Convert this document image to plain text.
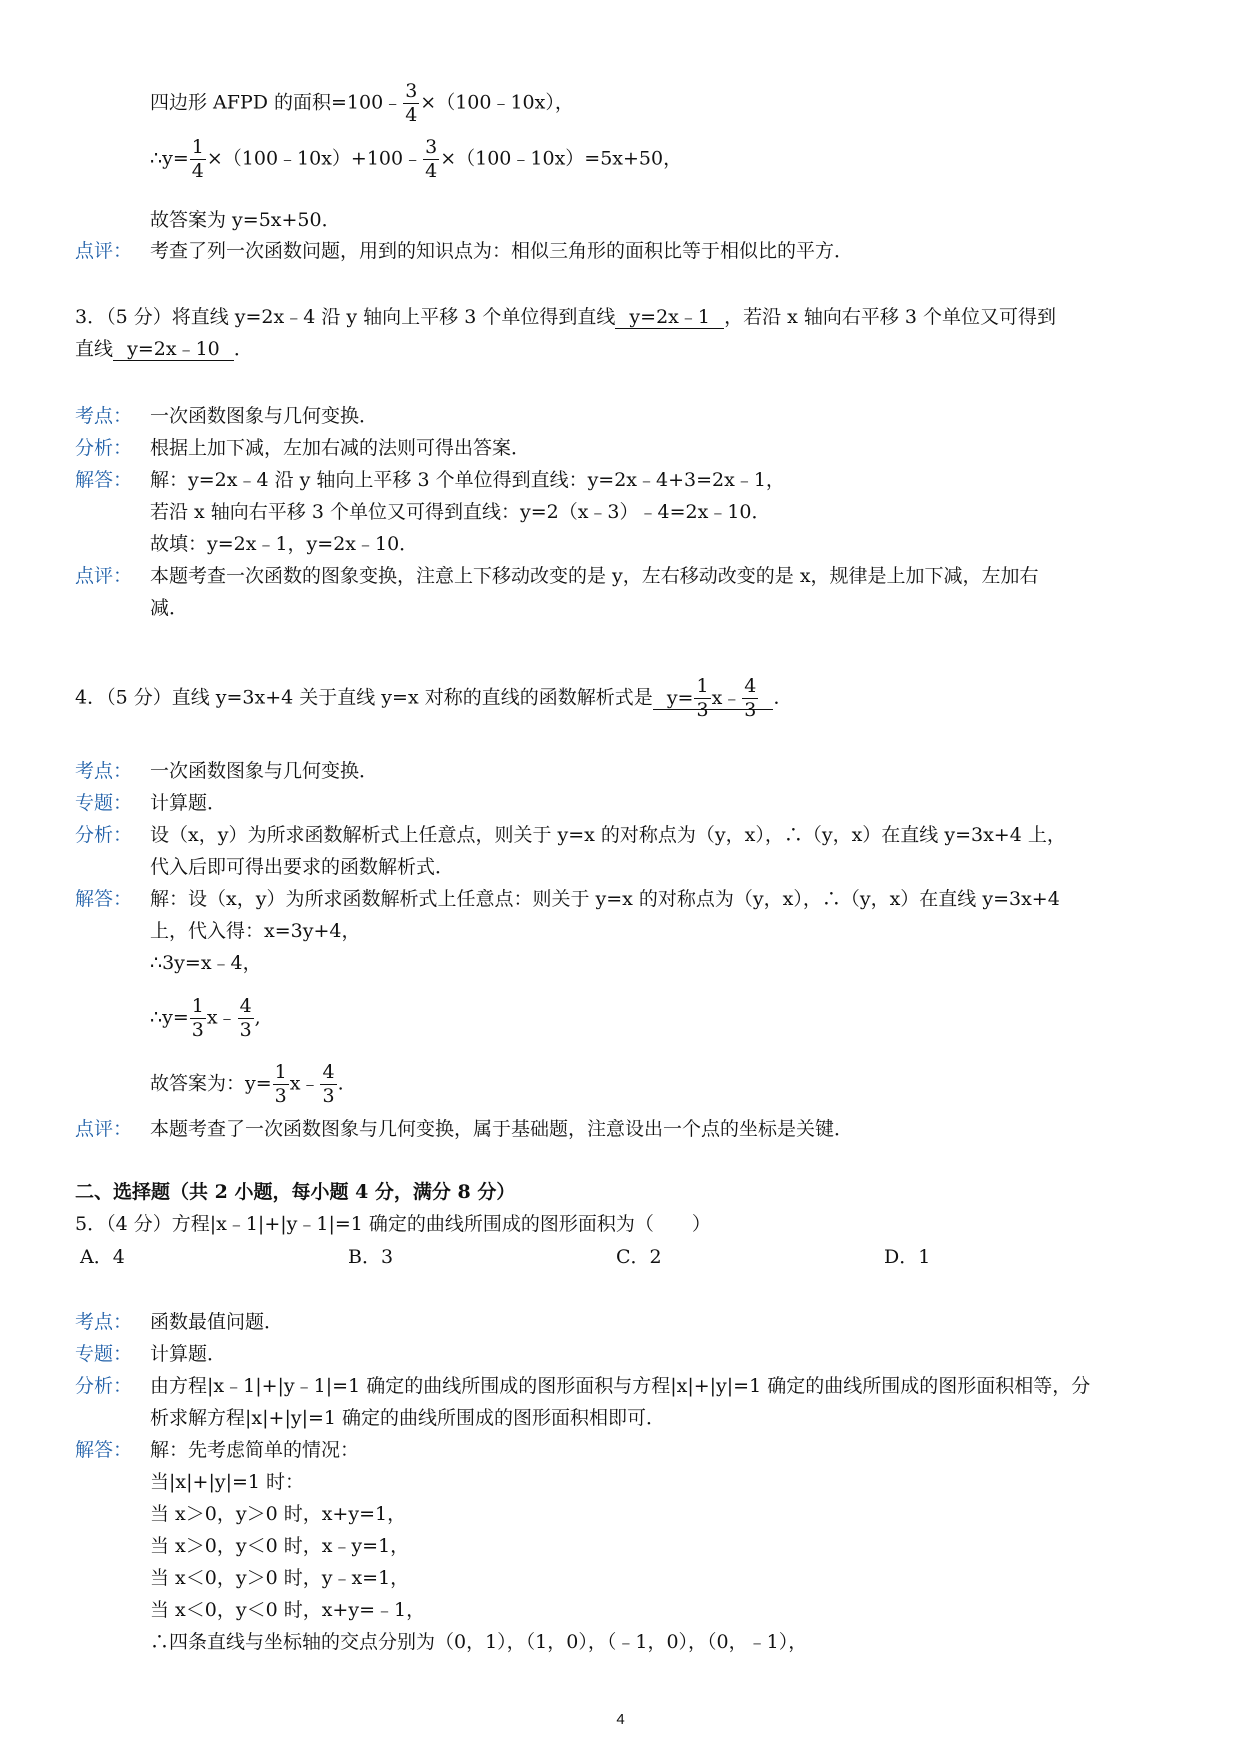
四边形 AFPD 的面积=100﹣ $\frac{3}{4}$ ×（100﹣10x），
∴y= $\frac{1}{4}$ ×（100﹣10x）+100﹣ $\frac{3}{4}$ ×（100﹣10x）=5x+50，
故答案为 y=5x+50．
点评： 考查了列一次函数问题，用到的知识点为：相似三角形的面积比等于相似比的平方．
3．（5 分）将直线 y=2x﹣4 沿 y 轴向上平移 3 个单位得到直线 y=2x﹣1 ，若沿 x 轴向右平移 3 个单位又可得到
直线 y=2x﹣10 ．
考点： 一次函数图象与几何变换．
分析： 根据上加下减，左加右减的法则可得出答案．
解答： 解：y=2x﹣4 沿 y 轴向上平移 3 个单位得到直线：y=2x﹣4+3=2x﹣1，
若沿 x 轴向右平移 3 个单位又可得到直线：y=2（x﹣3）﹣4=2x﹣10．
故填：y=2x﹣1，y=2x﹣10．
点评： 本题考查一次函数的图象变换，注意上下移动改变的是 y，左右移动改变的是 x，规律是上加下减，左加右
减．
4．（5 分）直线 y=3x+4 关于直线 y=x 对称的直线的函数解析式是 $y= \frac{1}{3}$ x﹣ $\frac{4}{3}$ ．
考点： 一次函数图象与几何变换．
专题： 计算题．
分析： 设（x，y）为所求函数解析式上任意点，则关于 y=x 的对称点为（y，x），∴（y，x）在直线 y=3x+4 上，
代入后即可得出要求的函数解析式．
解答： 解：设（x，y）为所求函数解析式上任意点：则关于 y=x 的对称点为（y，x），∴（y，x）在直线 y=3x+4
上，代入得：x=3y+4，
∴3y=x﹣4，
∴y= $\frac{1}{3}$ x﹣ $\frac{4}{3}$ ,
故答案为：$y= \frac{1}{3}$ x﹣ $\frac{4}{3}$ .
点评： 本题考查了一次函数图象与几何变换，属于基础题，注意设出一个点的坐标是关键．
二、选择题（共 2 小题，每小题 4 分，满分 8 分）
5．（4 分）方程|x﹣1|+|y﹣1|=1 确定的曲线所围成的图形面积为（　　）
A．4	B．3	C．2	D．1
考点： 函数最值问题．
专题： 计算题．
分析： 由方程|x﹣1|+|y﹣1|=1 确定的曲线所围成的图形面积与方程|x|+|y|=1 确定的曲线所围成的图形面积相等，分
析求解方程|x|+|y|=1 确定的曲线所围成的图形面积相即可．
解答： 解：先考虑简单的情况：
当|x|+|y|=1 时：
当 x＞0，y＞0 时，x+y=1，
当 x＞0，y＜0 时，x﹣y=1，
当 x＜0，y＞0 时，y﹣x=1，
当 x＜0，y＜0 时，x+y=﹣1，
∴四条直线与坐标轴的交点分别为（0，1），（1，0），（﹣1，0），（0，﹣1），
4
